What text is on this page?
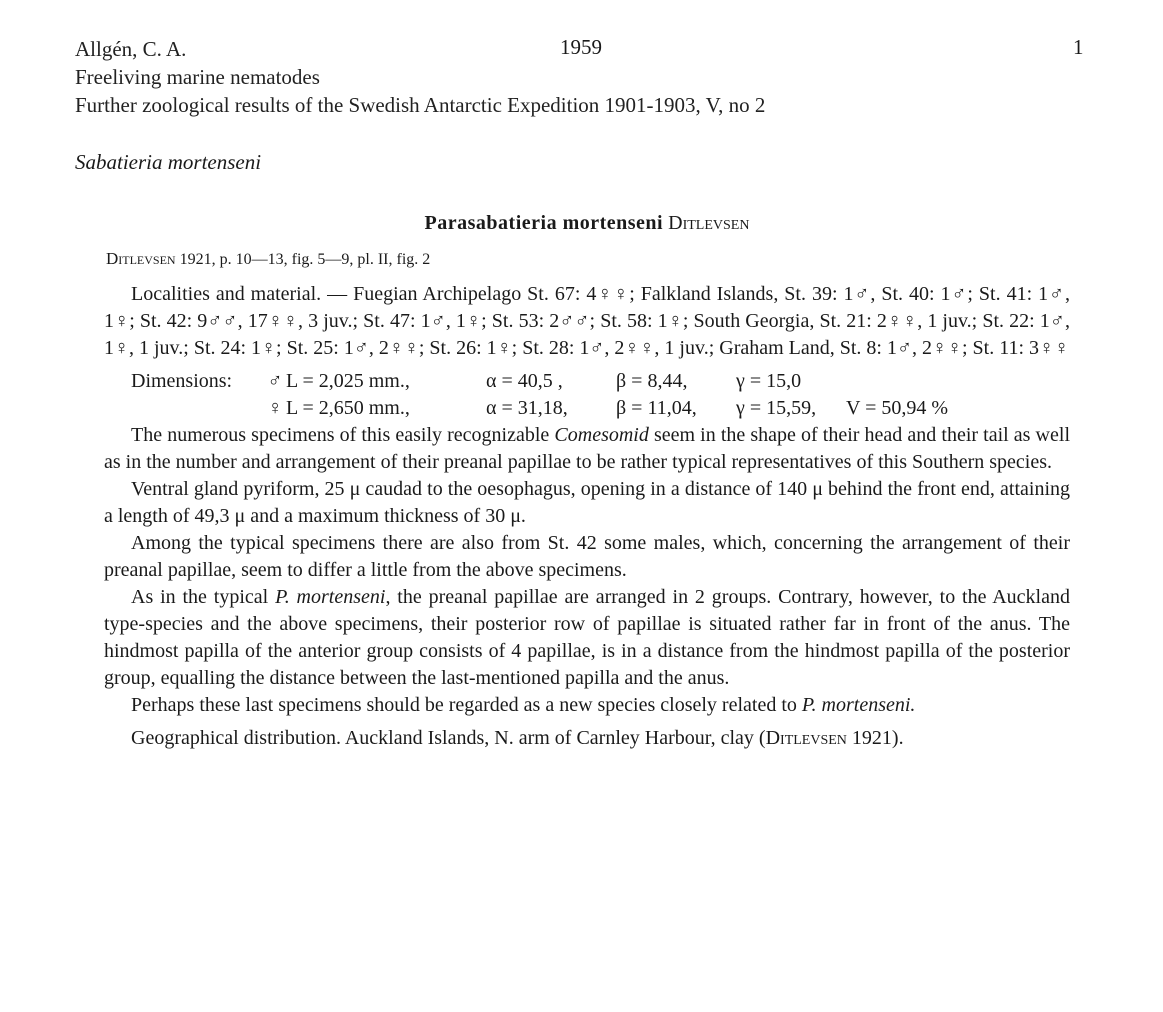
Allgén, C. A.
Freeliving marine nematodes
Further zoological results of the Swedish Antarctic Expedition 1901-1903, V, no 2
1959	1
Sabatieria mortenseni
Parasabatieria mortenseni Ditlevsen
Ditlevsen 1921, p. 10—13, fig. 5—9, pl. II, fig. 2

Localities and material. — Fuegian Archipelago St. 67: 4♀♀; Falkland Islands, St. 39: 1♂, St. 40: 1♂; St. 41: 1♂, 1♀; St. 42: 9♂♂, 17♀♀, 3 juv.; St. 47: 1♂, 1♀; St. 53: 2♂♂; St. 58: 1♀; South Georgia, St. 21: 2♀♀, 1 juv.; St. 22: 1♂, 1♀, 1 juv.; St. 24: 1♀; St. 25: 1♂, 2♀♀; St. 26: 1♀; St. 28: 1♂, 2♀♀, 1 juv.; Graham Land, St. 8: 1♂, 2♀♀; St. 11: 3♀♀

Dimensions: ♂ L = 2,025 mm.,	α = 40,5 ,	β = 8,44, γ = 15,0
♀ L = 2,650 mm.,	α = 31,18, β = 11,04, γ = 15,59, V = 50,94 %

The numerous specimens of this easily recognizable Comesomid seem in the shape of their head and their tail as well as in the number and arrangement of their preanal papillae to be rather typical representatives of this Southern species.

Ventral gland pyriform, 25 μ caudad to the oesophagus, opening in a distance of 140 μ behind the front end, attaining a length of 49,3 μ and a maximum thickness of 30 μ.

Among the typical specimens there are also from St. 42 some males, which, concerning the arrangement of their preanal papillae, seem to differ a little from the above specimens.

As in the typical P. mortenseni, the preanal papillae are arranged in 2 groups. Contrary, however, to the Auckland type-species and the above specimens, their posterior row of papillae is situated rather far in front of the anus. The hindmost papilla of the anterior group consists of 4 papillae, is in a distance from the hindmost papilla of the posterior group, equalling the distance between the last-mentioned papilla and the anus.

Perhaps these last specimens should be regarded as a new species closely related to P. mortenseni.

Geographical distribution. Auckland Islands, N. arm of Carnley Harbour, clay (Ditlevsen 1921).
